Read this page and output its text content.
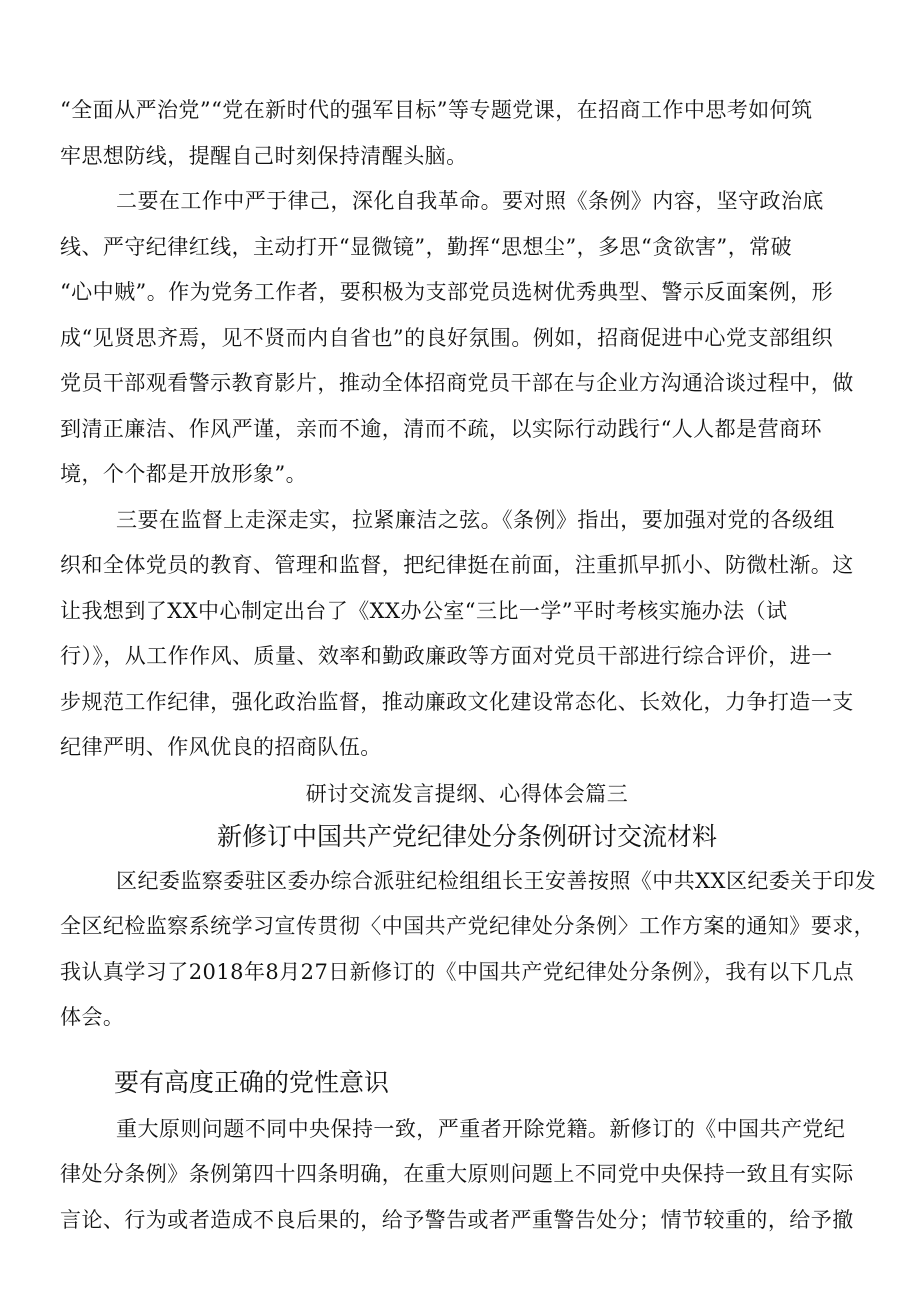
“全面从严治党”“党在新时代的强军目标”等专题党课，在招商工作中思考如何筑
牢思想防线，提醒自己时刻保持清醒头脑。
二要在工作中严于律己，深化自我革命。要对照《条例》内容，坚守政治底
线、严守纪律红线，主动打开“显微镜”，勤挥“思想尘”，多思“贪欲害”，常破
“心中贼”。作为党务工作者，要积极为支部党员选树优秀典型、警示反面案例，形
成“见贤思齐焉，见不贤而内自省也”的良好氛围。例如，招商促进中心党支部组织
党员干部观看警示教育影片，推动全体招商党员干部在与企业方沟通洽谈过程中，做
到清正廉洁、作风严谨，亲而不逾，清而不疏，以实际行动践行“人人都是营商环
境，个个都是开放形象”。
三要在监督上走深走实，拉紧廉洁之弦。《条例》指出，要加强对党的各级组
织和全体党员的教育、管理和监督，把纪律挺在前面，注重抓早抓小、防微杜渐。这
让我想到了XX中心制定出台了《XX办公室“三比一学”平时考核实施办法（试
行）》，从工作作风、质量、效率和勤政廉政等方面对党员干部进行综合评价，进一
步规范工作纪律，强化政治监督，推动廉政文化建设常态化、长效化，力争打造一支
纪律严明、作风优良的招商队伍。
研讨交流发言提纲、心得体会篇三
新修订中国共产党纪律处分条例研讨交流材料
区纪委监察委驻区委办综合派驻纪检组组长王安善按照《中共XX区纪委关于印发
全区纪检监察系统学习宣传贯彻〈中国共产党纪律处分条例〉工作方案的通知》要求，
我认真学习了2018年8月27日新修订的《中国共产党纪律处分条例》，我有以下几点
体会。
要有高度正确的党性意识
重大原则问题不同中央保持一致，严重者开除党籍。新修订的《中国共产党纪
律处分条例》条例第四十四条明确，在重大原则问题上不同党中央保持一致且有实际
言论、行为或者造成不良后果的，给予警告或者严重警告处分；情节较重的，给予撤
